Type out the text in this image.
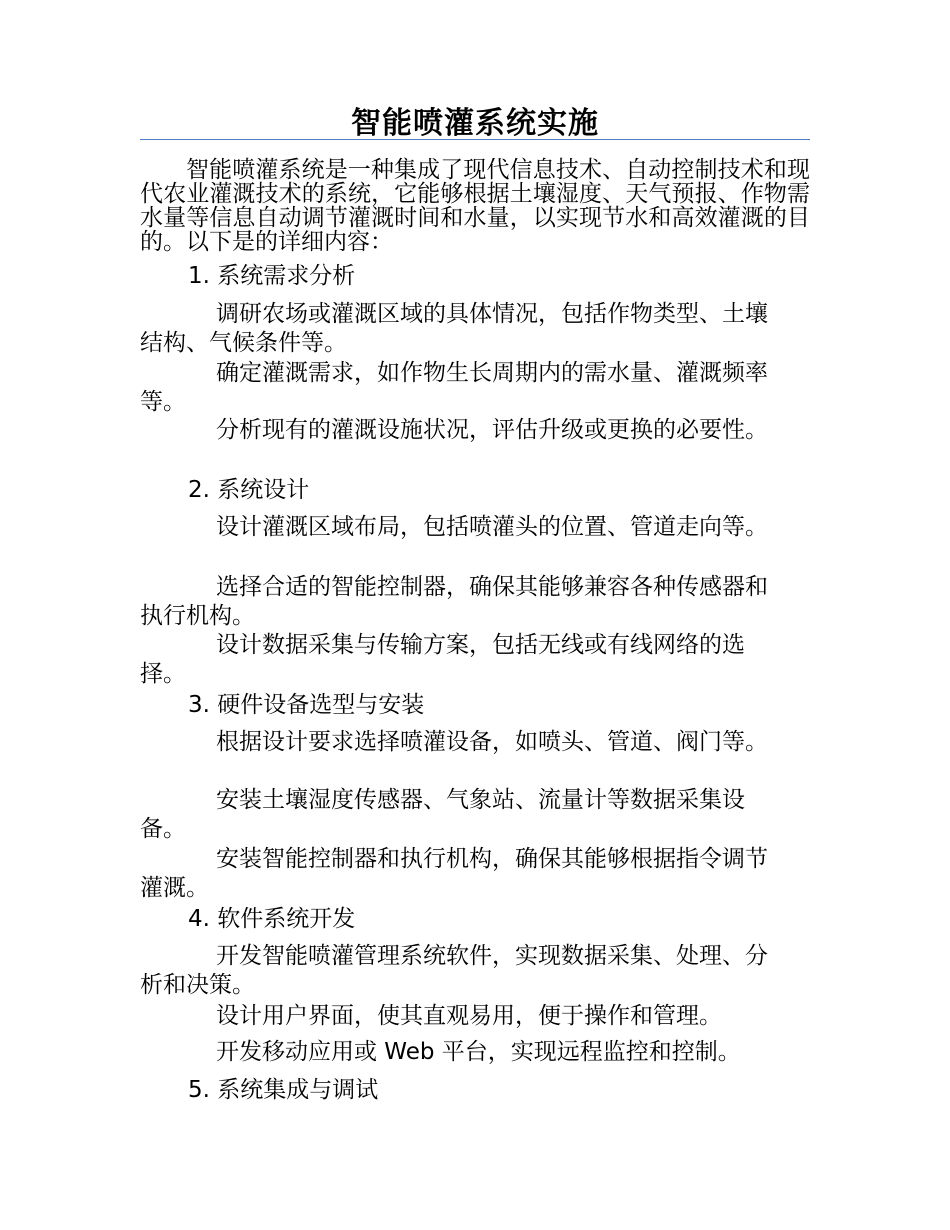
智能喷灌系统实施
智能喷灌系统是一种集成了现代信息技术、自动控制技术和现代农业灌溉技术的系统，它能够根据土壤湿度、天气预报、作物需水量等信息自动调节灌溉时间和水量，以实现节水和高效灌溉的目的。以下是的详细内容：
1. 系统需求分析
调研农场或灌溉区域的具体情况，包括作物类型、土壤结构、气候条件等。
确定灌溉需求，如作物生长周期内的需水量、灌溉频率等。
分析现有的灌溉设施状况，评估升级或更换的必要性。
2. 系统设计
设计灌溉区域布局，包括喷灌头的位置、管道走向等。
选择合适的智能控制器，确保其能够兼容各种传感器和执行机构。
设计数据采集与传输方案，包括无线或有线网络的选择。
3. 硬件设备选型与安装
根据设计要求选择喷灌设备，如喷头、管道、阀门等。
安装土壤湿度传感器、气象站、流量计等数据采集设备。
安装智能控制器和执行机构，确保其能够根据指令调节灌溉。
4. 软件系统开发
开发智能喷灌管理系统软件，实现数据采集、处理、分析和决策。
设计用户界面，使其直观易用，便于操作和管理。
开发移动应用或 Web 平台，实现远程监控和控制。
5. 系统集成与调试
